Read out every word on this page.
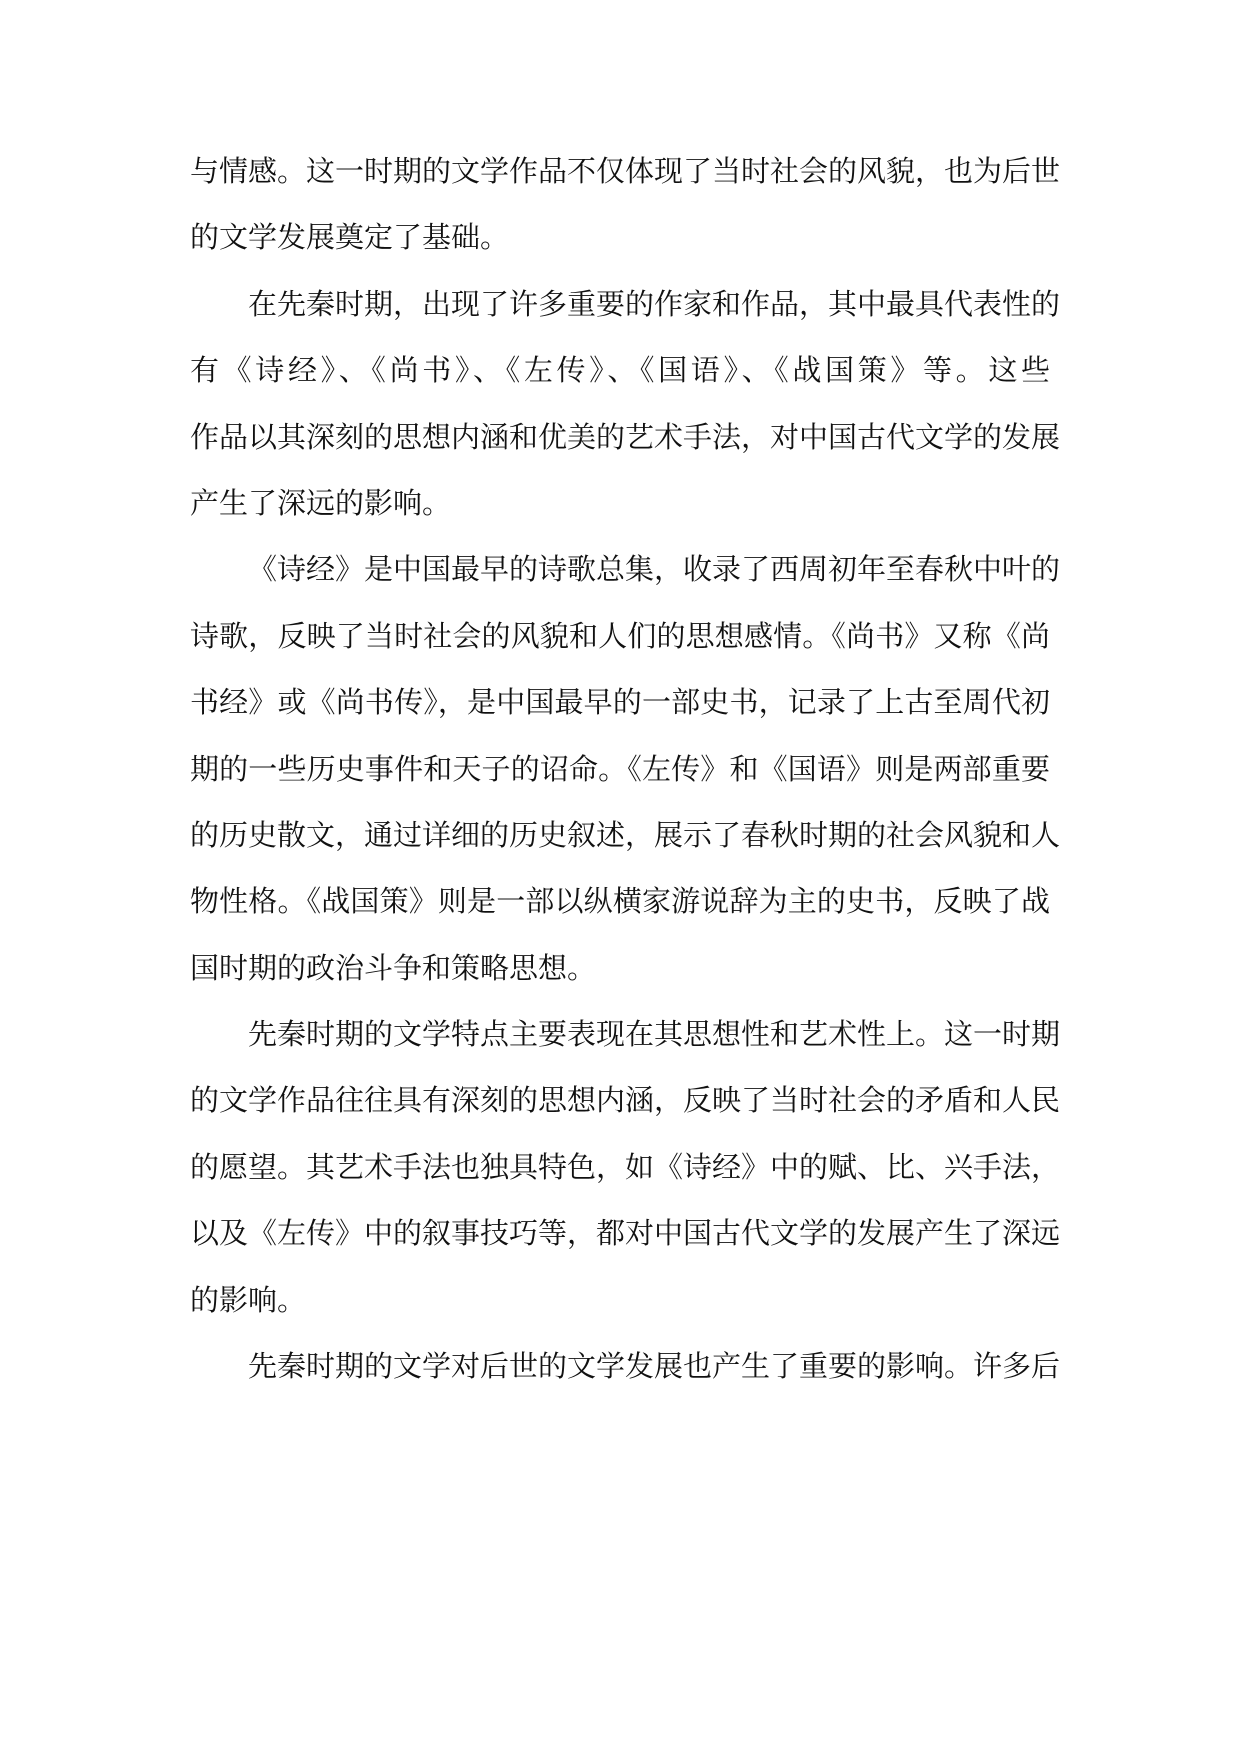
与情感。这一时期的文学作品不仅体现了当时社会的风貌，也为后世
的文学发展奠定了基础。
在先秦时期，出现了许多重要的作家和作品，其中最具代表性的
有《诗经》、《尚书》、《左传》、《国语》、《战国策》等。这些
作品以其深刻的思想内涵和优美的艺术手法，对中国古代文学的发展
产生了深远的影响。
《诗经》是中国最早的诗歌总集，收录了西周初年至春秋中叶的
诗歌，反映了当时社会的风貌和人们的思想感情。《尚书》又称《尚
书经》或《尚书传》，是中国最早的一部史书，记录了上古至周代初
期的一些历史事件和天子的诏命。《左传》和《国语》则是两部重要
的历史散文，通过详细的历史叙述，展示了春秋时期的社会风貌和人
物性格。《战国策》则是一部以纵横家游说辞为主的史书，反映了战
国时期的政治斗争和策略思想。
先秦时期的文学特点主要表现在其思想性和艺术性上。这一时期
的文学作品往往具有深刻的思想内涵，反映了当时社会的矛盾和人民
的愿望。其艺术手法也独具特色，如《诗经》中的赋、比、兴手法，
以及《左传》中的叙事技巧等，都对中国古代文学的发展产生了深远
的影响。
先秦时期的文学对后世的文学发展也产生了重要的影响。许多后
